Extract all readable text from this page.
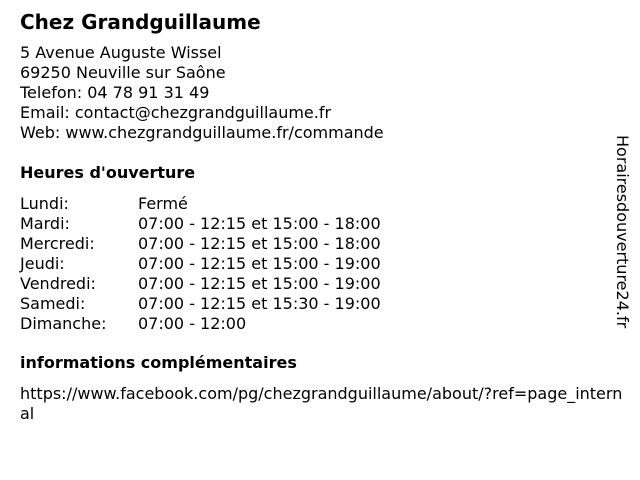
Chez Grandguillaume
5 Avenue Auguste Wissel
69250 Neuville sur Saône
Telefon: 04 78 91 31 49
Email: contact@chezgrandguillaume.fr
Web: www.chezgrandguillaume.fr/commande
Heures d'ouverture
Lundi:	Fermé
Mardi:	07:00 - 12:15 et 15:00 - 18:00
Mercredi:	07:00 - 12:15 et 15:00 - 18:00
Jeudi:	07:00 - 12:15 et 15:00 - 19:00
Vendredi:	07:00 - 12:15 et 15:00 - 19:00
Samedi:	07:00 - 12:15 et 15:30 - 19:00
Dimanche:	07:00 - 12:00
informations complémentaires
https://www.facebook.com/pg/chezgrandguillaume/about/?ref=page_internal
Horairesdouverture24.fr
